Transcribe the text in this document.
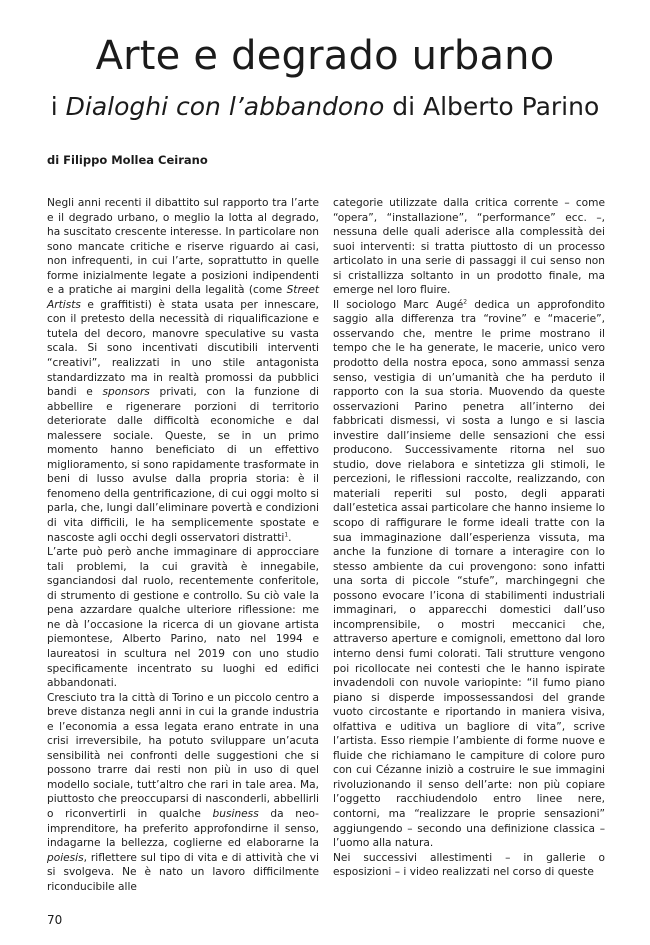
Arte e degrado urbano
i Dialoghi con l’abbandono di Alberto Parino
di Filippo Mollea Ceirano

Negli anni recenti il dibattito sul rapporto tra l’arte e il degrado urbano, o meglio la lotta al degrado, ha suscitato crescente interesse. In particolare non sono mancate critiche e riserve riguardo ai casi, non infrequenti, in cui l’arte, soprattutto in quelle forme inizialmente legate a posizioni indipendenti e a pratiche ai margini della legalità (come Street Artists e graffitisti) è stata usata per innescare, con il pretesto della necessità di riqualificazione e tutela del decoro, manovre speculative su vasta scala. Si sono incentivati discutibili interventi “creativi”, realizzati in uno stile antagonista standardizzato ma in realtà promossi da pubblici bandi e sponsors privati, con la funzione di abbellire e rigenerare porzioni di territorio deteriorate dalle difficoltà economiche e dal malessere sociale. Queste, se in un primo momento hanno beneficiato di un effettivo miglioramento, si sono rapidamente trasformate in beni di lusso avulse dalla propria storia: è il fenomeno della gentrificazione, di cui oggi molto si parla, che, lungi dall’eliminare povertà e condizioni di vita difficili, le ha semplicemente spostate e nascoste agli occhi degli osservatori distratti$^1$.

L’arte può però anche immaginare di approcciare tali problemi, la cui gravità è innegabile, sganciandosi dal ruolo, recentemente conferitole, di strumento di gestione e controllo. Su ciò vale la pena azzardare qualche ulteriore riflessione: me ne dà l’occasione la ricerca di un giovane artista piemontese, Alberto Parino, nato nel 1994 e laureatosi in scultura nel 2019 con uno studio specificamente incentrato su luoghi ed edifici abbandonati.

Cresciuto tra la città di Torino e un piccolo centro a breve distanza negli anni in cui la grande industria e l’economia a essa legata erano entrate in una crisi irreversibile, ha potuto sviluppare un’acuta sensibilità nei confronti delle suggestioni che si possono trarre dai resti non più in uso di quel modello sociale, tutt’altro che rari in tale area. Ma, piuttosto che preoccuparsi di nasconderli, abbellirli o riconvertirli in qualche business da neo-imprenditore, ha preferito approfondirne il senso, indagarne la bellezza, coglierne ed elaborarne la poiesis, riflettere sul tipo di vita e di attività che vi si svolgeva. Ne è nato un lavoro difficilmente riconducibile alle

categorie utilizzate dalla critica corrente – come “opera”, “installazione”, “performance” ecc. –, nessuna delle quali aderisce alla complessità dei suoi interventi: si tratta piuttosto di un processo articolato in una serie di passaggi il cui senso non si cristallizza soltanto in un prodotto finale, ma emerge nel loro fluire.

Il sociologo Marc Augé$^2$ dedica un approfondito saggio alla differenza tra “rovine” e “macerie”, osservando che, mentre le prime mostrano il tempo che le ha generate, le macerie, unico vero prodotto della nostra epoca, sono ammassi senza senso, vestigia di un’umanità che ha perduto il rapporto con la sua storia. Muovendo da queste osservazioni Parino penetra all’interno dei fabbricati dismessi, vi sosta a lungo e si lascia investire dall’insieme delle sensazioni che essi producono. Successivamente ritorna nel suo studio, dove rielabora e sintetizza gli stimoli, le percezioni, le riflessioni raccolte, realizzando, con materiali reperiti sul posto, degli apparati dall’estetica assai particolare che hanno insieme lo scopo di raffigurare le forme ideali tratte con la sua immaginazione dall’esperienza vissuta, ma anche la funzione di tornare a interagire con lo stesso ambiente da cui provengono: sono infatti una sorta di piccole “stufe”, marchingegni che possono evocare l’icona di stabilimenti industriali immaginari, o apparecchi domestici dall’uso incomprensibile, o mostri meccanici che, attraverso aperture e comignoli, emettono dal loro interno densi fumi colorati. Tali strutture vengono poi ricollocate nei contesti che le hanno ispirate invadendoli con nuvole variopinte: “il fumo piano piano si disperde impossessandosi del grande vuoto circostante e riportando in maniera visiva, olfattiva e uditiva un bagliore di vita”, scrive l’artista. Esso riempie l’ambiente di forme nuove e fluide che richiamano le campiture di colore puro con cui Cézanne iniziò a costruire le sue immagini rivoluzionando il senso dell’arte: non più copiare l’oggetto racchiudendolo entro linee nere, contorni, ma “realizzare le proprie sensazioni” aggiungendo – secondo una definizione classica – l’uomo alla natura.

Nei successivi allestimenti – in gallerie o esposizioni – i video realizzati nel corso di queste

70
